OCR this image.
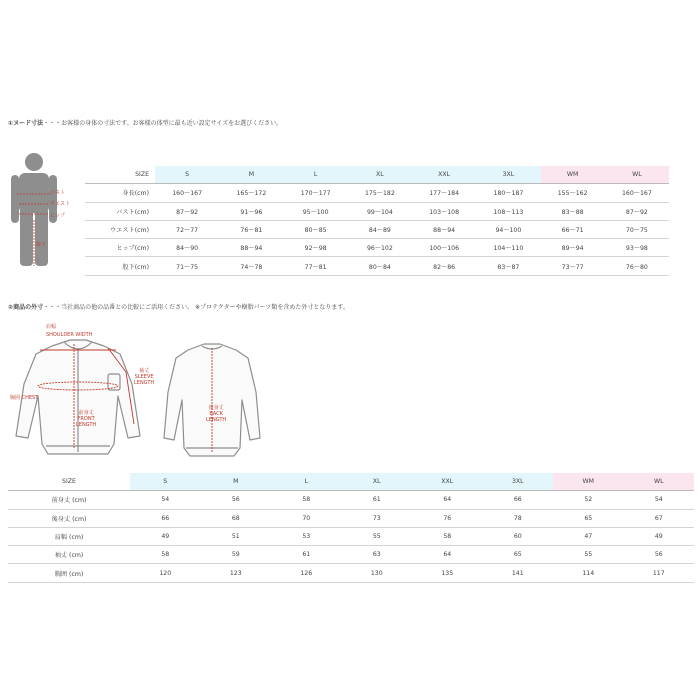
①ヌード寸法・・・お客様の身体の寸法です。お客様の体型に最も近い設定サイズをお選びください。
バスト
ウエスト
ヒップ
股下
SIZE	S	M	L	XL	XXL	3XL	WM	WL
身長(cm)	160～167	165～172	170～177	175～182	177～184	180～187	155～162	160～167
バスト(cm)	87～92	91～96	95～100	99～104	103～108	108～113	83～88	87～92
ウエスト(cm)	72～77	76～81	80～85	84～89	88～94	94～100	66～71	70～75
ヒップ(cm)	84～90	88～94	92～98	96～102	100～106	104～110	89～94	93～98
股下(cm)	71～75	74～78	77～81	80～84	82～86	83～87	73～77	76～80
②商品の外寸・・・当社商品の他の品番との比較にご活用ください。 ※プロテクターや樹脂パーツ類を含めた外寸となります。
肩幅
SHOULDER WIDTH
胸囲 CHEST
前身丈
FRONT
LENGTH
袖丈
SLEEVE
LENGTH
後身丈
BACK
LENGTH
SIZE	S	M	L	XL	XXL	3XL	WM	WL
前身丈 (cm)	54	56	58	61	64	66	52	54
後身丈 (cm)	66	68	70	73	76	78	65	67
肩幅 (cm)	49	51	53	55	58	60	47	49
袖丈 (cm)	58	59	61	63	64	65	55	56
胸囲 (cm)	120	123	126	130	135	141	114	117
